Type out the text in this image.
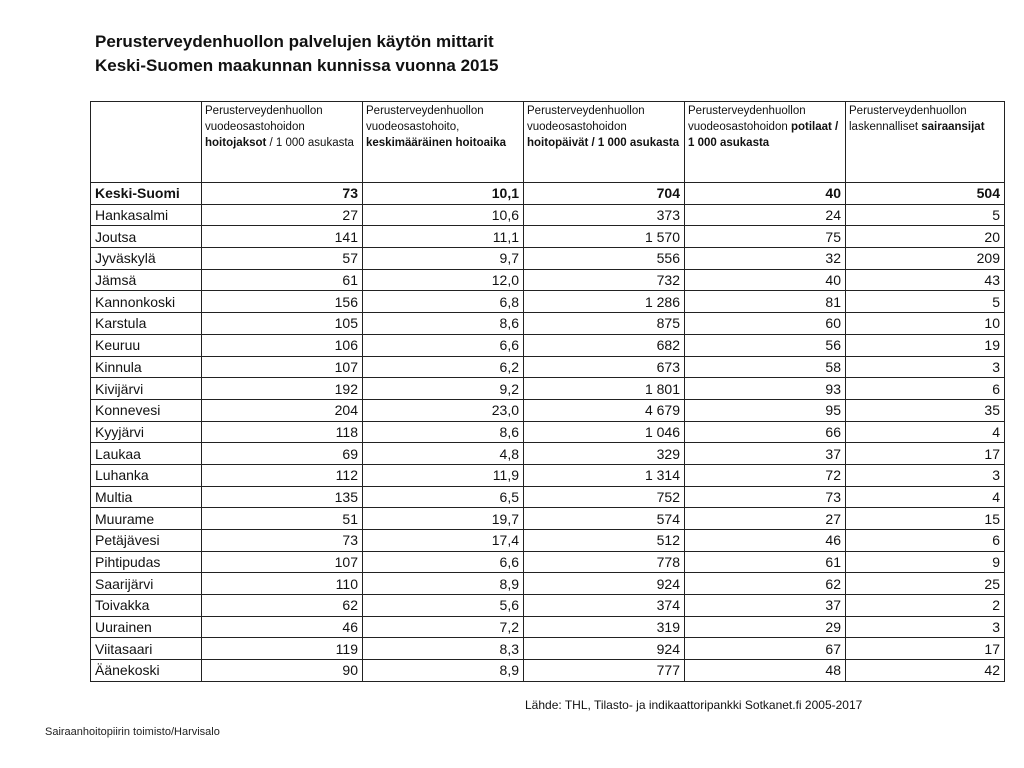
Perusterveydenhuollon palvelujen käytön mittarit
Keski-Suomen maakunnan kunnissa vuonna 2015
	Perusterveydenhuollon vuodeosastohoidon hoitojaksot / 1 000 asukasta	Perusterveydenhuollon vuodeosastohoito, keskimääräinen hoitoaika	Perusterveydenhuollon vuodeosastohoidon hoitopäivät / 1 000 asukasta	Perusterveydenhuollon vuodeosastohoidon potilaat / 1 000 asukasta	Perusterveydenhuollon laskennalliset sairaansijat
Keski-Suomi	73	10,1	704	40	504
Hankasalmi	27	10,6	373	24	5
Joutsa	141	11,1	1 570	75	20
Jyväskylä	57	9,7	556	32	209
Jämsä	61	12,0	732	40	43
Kannonkoski	156	6,8	1 286	81	5
Karstula	105	8,6	875	60	10
Keuruu	106	6,6	682	56	19
Kinnula	107	6,2	673	58	3
Kivijärvi	192	9,2	1 801	93	6
Konnevesi	204	23,0	4 679	95	35
Kyyjärvi	118	8,6	1 046	66	4
Laukaa	69	4,8	329	37	17
Luhanka	112	11,9	1 314	72	3
Multia	135	6,5	752	73	4
Muurame	51	19,7	574	27	15
Petäjävesi	73	17,4	512	46	6
Pihtipudas	107	6,6	778	61	9
Saarijärvi	110	8,9	924	62	25
Toivakka	62	5,6	374	37	2
Uurainen	46	7,2	319	29	3
Viitasaari	119	8,3	924	67	17
Äänekoski	90	8,9	777	48	42
Lähde: THL, Tilasto- ja indikaattoripankki Sotkanet.fi 2005-2017
Sairaanhoitopiirin toimisto/Harvisalo
